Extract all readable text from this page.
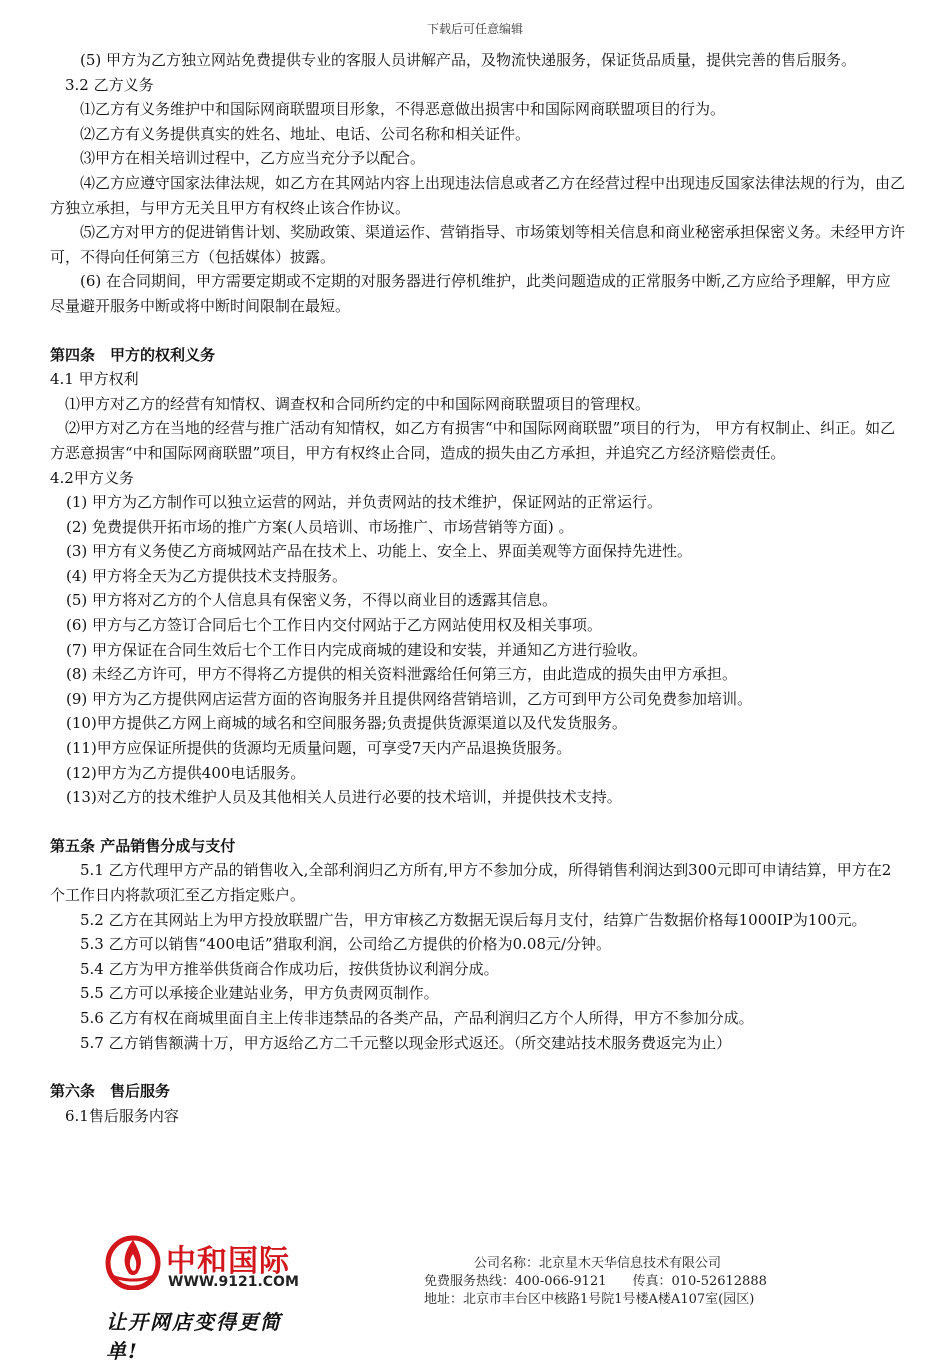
下载后可任意编辑

(5) 甲方为乙方独立网站免费提供专业的客服人员讲解产品，及物流快递服务，保证货品质量，提供完善的售后服务。

3.2 乙方义务

⑴乙方有义务维护中和国际网商联盟项目形象，不得恶意做出损害中和国际网商联盟项目的行为。

⑵乙方有义务提供真实的姓名、地址、电话、公司名称和相关证件。

⑶甲方在相关培训过程中，乙方应当充分予以配合。

⑷乙方应遵守国家法律法规，如乙方在其网站内容上出现违法信息或者乙方在经营过程中出现违反国家法律法规的行为，由乙方独立承担，与甲方无关且甲方有权终止该合作协议。

⑸乙方对甲方的促进销售计划、奖励政策、渠道运作、营销指导、市场策划等相关信息和商业秘密承担保密义务。未经甲方许可，不得向任何第三方（包括媒体）披露。

(6) 在合同期间，甲方需要定期或不定期的对服务器进行停机维护，此类问题造成的正常服务中断,乙方应给予理解，甲方应尽量避开服务中断或将中断时间限制在最短。

第四条　甲方的权利义务

4.1 甲方权利

⑴甲方对乙方的经营有知情权、调查权和合同所约定的中和国际网商联盟项目的管理权。

⑵甲方对乙方在当地的经营与推广活动有知情权，如乙方有损害“中和国际网商联盟”项目的行为， 甲方有权制止、纠正。如乙方恶意损害“中和国际网商联盟”项目，甲方有权终止合同，造成的损失由乙方承担，并追究乙方经济赔偿责任。

4.2甲方义务

(1) 甲方为乙方制作可以独立运营的网站，并负责网站的技术维护，保证网站的正常运行。

(2) 免费提供开拓市场的推广方案(人员培训、市场推广、市场营销等方面) 。

(3) 甲方有义务使乙方商城网站产品在技术上、功能上、安全上、界面美观等方面保持先进性。

(4) 甲方将全天为乙方提供技术支持服务。

(5) 甲方将对乙方的个人信息具有保密义务，不得以商业目的透露其信息。

(6) 甲方与乙方签订合同后七个工作日内交付网站于乙方网站使用权及相关事项。

(7) 甲方保证在合同生效后七个工作日内完成商城的建设和安装，并通知乙方进行验收。

(8) 未经乙方许可，甲方不得将乙方提供的相关资料泄露给任何第三方，由此造成的损失由甲方承担。

(9) 甲方为乙方提供网店运营方面的咨询服务并且提供网络营销培训，乙方可到甲方公司免费参加培训。

(10)甲方提供乙方网上商城的域名和空间服务器;负责提供货源渠道以及代发货服务。

(11)甲方应保证所提供的货源均无质量问题，可享受7天内产品退换货服务。

(12)甲方为乙方提供400电话服务。

(13)对乙方的技术维护人员及其他相关人员进行必要的技术培训，并提供技术支持。

第五条 产品销售分成与支付

5.1 乙方代理甲方产品的销售收入,全部利润归乙方所有,甲方不参加分成，所得销售利润达到300元即可申请结算，甲方在2个工作日内将款项汇至乙方指定账户。

5.2 乙方在其网站上为甲方投放联盟广告，甲方审核乙方数据无误后每月支付，结算广告数据价格每1000IP为100元。

5.3 乙方可以销售“400电话”猎取利润，公司给乙方提供的价格为0.08元/分钟。

5.4 乙方为甲方推举供货商合作成功后，按供货协议利润分成。

5.5 乙方可以承接企业建站业务，甲方负责网页制作。

5.6 乙方有权在商城里面自主上传非违禁品的各类产品，产品利润归乙方个人所得，甲方不参加分成。

5.7 乙方销售额满十万，甲方返给乙方二千元整以现金形式返还。（所交建站技术服务费返完为止）

第六条　售后服务

6.1售后服务内容

中和国际
WWW.9121.COM
让开网店变得更简单!
公司名称：北京星木天华信息技术有限公司
免费服务热线：400-066-9121　　传真：010-52612888
地址：北京市丰台区中核路1号院1号楼A楼A107室(园区)
